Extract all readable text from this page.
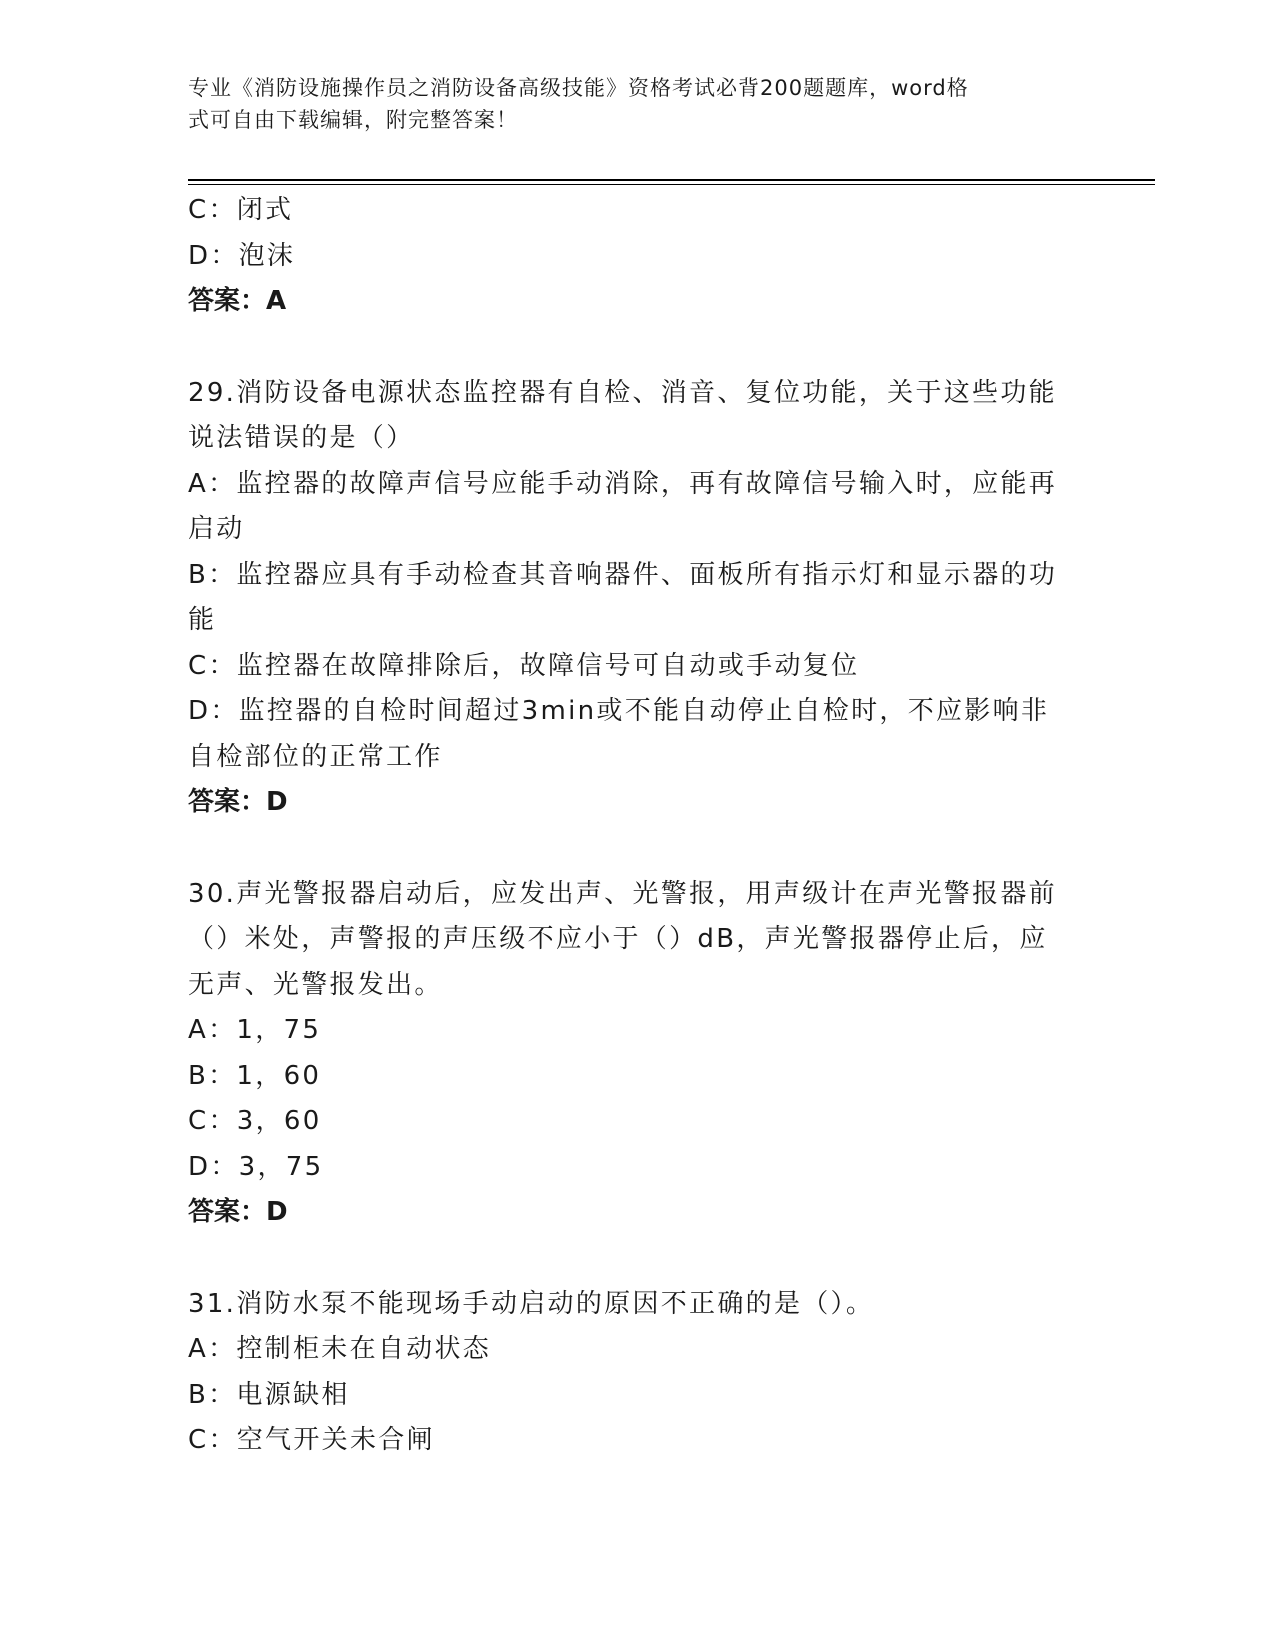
专业《消防设施操作员之消防设备高级技能》资格考试必背200题题库，word格
式可自由下载编辑，附完整答案！

C：闭式

D：泡沫

答案：A

29.消防设备电源状态监控器有自检、消音、复位功能，关于这些功能

说法错误的是（）

A：监控器的故障声信号应能手动消除，再有故障信号输入时，应能再

启动

B：监控器应具有手动检查其音响器件、面板所有指示灯和显示器的功

能

C：监控器在故障排除后，故障信号可自动或手动复位

D：监控器的自检时间超过3min或不能自动停止自检时，不应影响非

自检部位的正常工作

答案：D

30.声光警报器启动后，应发出声、光警报，用声级计在声光警报器前

（）米处，声警报的声压级不应小于（）dB，声光警报器停止后，应

无声、光警报发出。

A：1，75

B：1，60

C：3，60

D：3，75

答案：D

31.消防水泵不能现场手动启动的原因不正确的是（）。

A：控制柜未在自动状态

B：电源缺相

C：空气开关未合闸
